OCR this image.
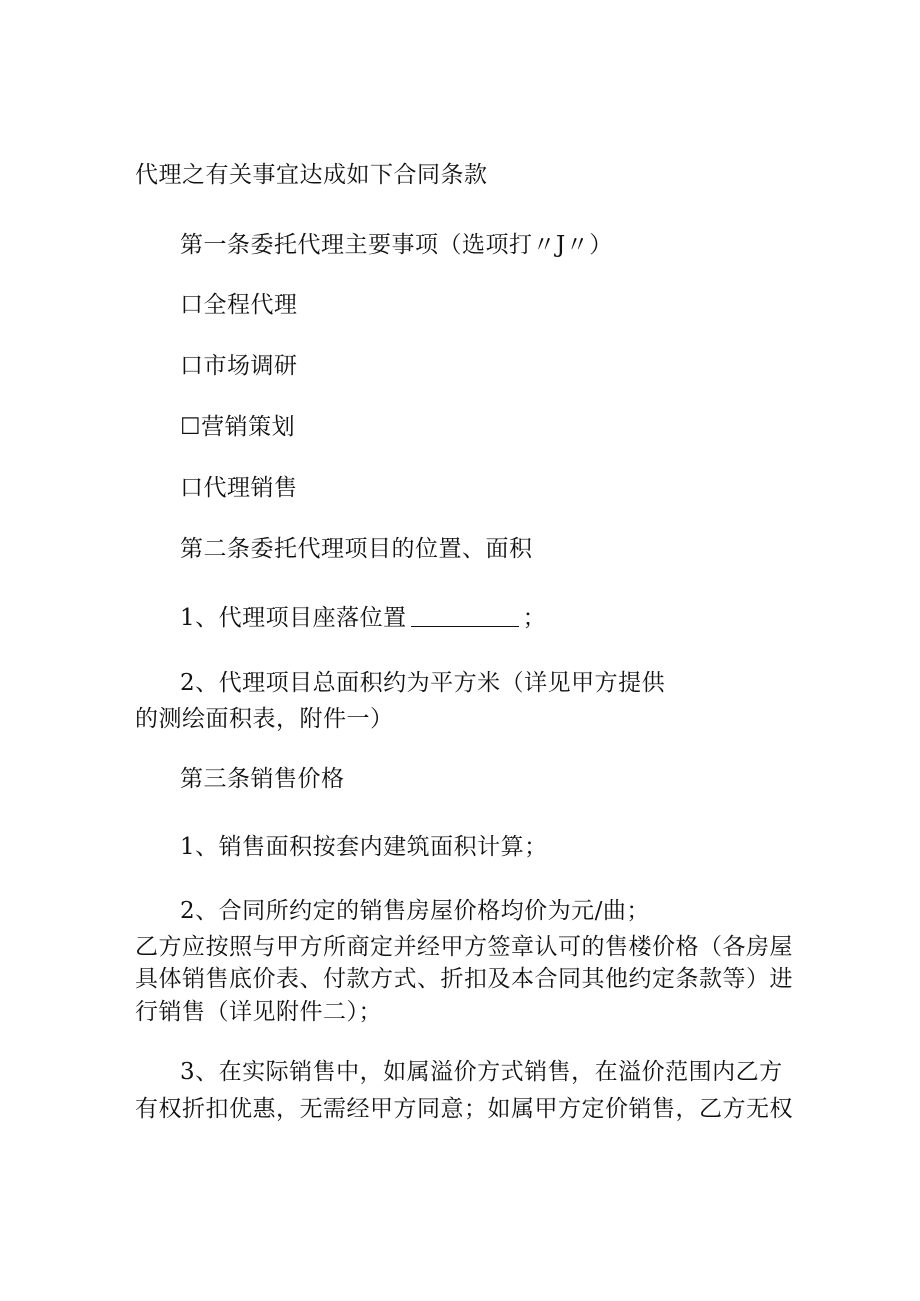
代理之有关事宜达成如下合同条款
第一条委托代理主要事项（选项打〃J〃）
口全程代理
口市场调研
☐营销策划
口代理销售
第二条委托代理项目的位置、面积
1、代理项目座落位置	；
2、代理项目总面积约为平方米（详见甲方提供
的测绘面积表，附件一）
第三条销售价格
1、销售面积按套内建筑面积计算；
2、合同所约定的销售房屋价格均价为元/曲；
乙方应按照与甲方所商定并经甲方签章认可的售楼价格（各房屋
具体销售底价表、付款方式、折扣及本合同其他约定条款等）进
行销售（详见附件二）；
3、在实际销售中，如属溢价方式销售，在溢价范围内乙方
有权折扣优惠，无需经甲方同意；如属甲方定价销售，乙方无权
